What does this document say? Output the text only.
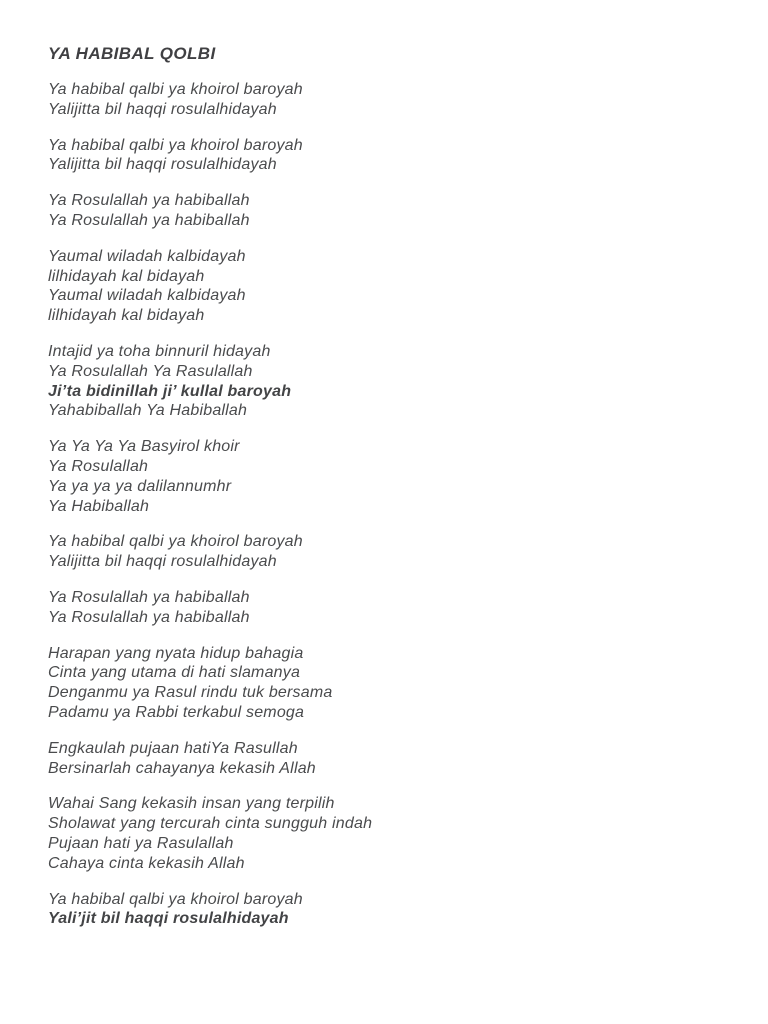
YA HABIBAL QOLBI
Ya habibal qalbi ya khoirol baroyah
Yalijitta bil haqqi rosulalhidayah
Ya habibal qalbi ya khoirol baroyah
Yalijitta bil haqqi rosulalhidayah
Ya Rosulallah ya habiballah
Ya Rosulallah ya habiballah
Yaumal wiladah kalbidayah
lilhidayah kal bidayah
Yaumal wiladah kalbidayah
lilhidayah kal bidayah
Intajid ya toha binnuril hidayah
Ya Rosulallah Ya Rasulallah
Ji’ta bidinillah ji’ kullal baroyah
Yahabiballah Ya Habiballah
Ya Ya Ya Ya Basyirol khoir
Ya Rosulallah
Ya ya ya ya dalilannumhr
Ya Habiballah
Ya habibal qalbi ya khoirol baroyah
Yalijitta bil haqqi rosulalhidayah
Ya Rosulallah ya habiballah
Ya Rosulallah ya habiballah
Harapan yang nyata hidup bahagia
Cinta yang utama di hati slamanya
Denganmu ya Rasul rindu tuk bersama
Padamu ya Rabbi terkabul semoga
Engkaulah pujaan hatiYa Rasullah
Bersinarlah cahayanya kekasih Allah
Wahai Sang kekasih insan yang terpilih
Sholawat yang tercurah cinta sungguh indah
Pujaan hati ya Rasulallah
Cahaya cinta kekasih Allah
Ya habibal qalbi ya khoirol baroyah
Yali’jit bil haqqi rosulalhidayah
